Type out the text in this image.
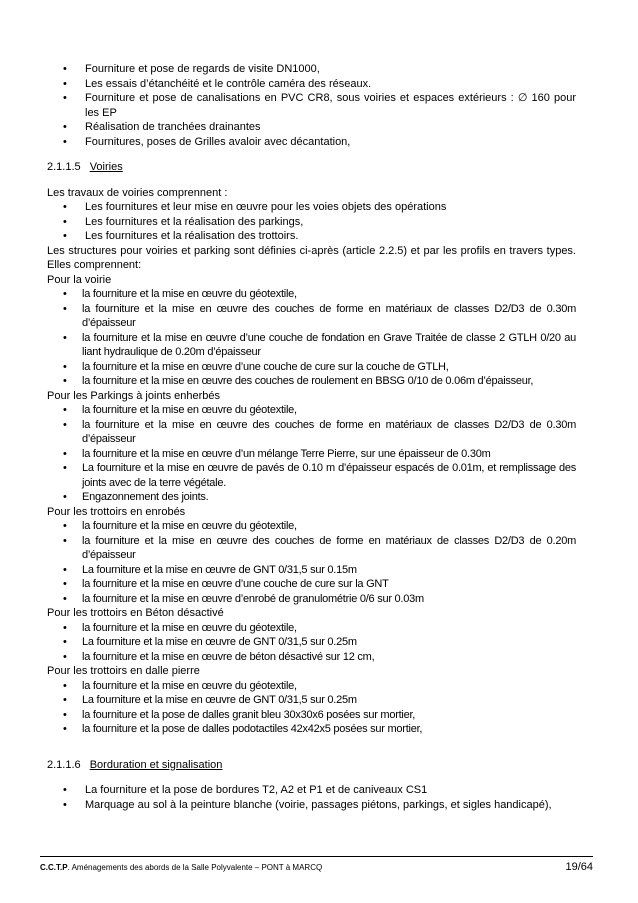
• Fourniture et pose de regards de visite DN1000,
• Les essais d’étanchéité et le contrôle caméra des réseaux.
• Fourniture et pose de canalisations en PVC CR8, sous voiries et espaces extérieurs : ∅ 160 pour les EP
• Réalisation de tranchées drainantes
• Fournitures, poses de Grilles avaloir avec décantation,
2.1.1.5 Voiries
Les travaux de voiries comprennent :
• Les fournitures et leur mise en œuvre pour les voies objets des opérations
• Les fournitures et la réalisation des parkings,
• Les fournitures et la réalisation des trottoirs.
Les structures pour voiries et parking sont définies ci-après (article 2.2.5) et par les profils en travers types. Elles comprennent:
Pour la voirie
• la fourniture et la mise en œuvre du géotextile,
• la fourniture et la mise en œuvre des couches de forme en matériaux de classes D2/D3 de 0.30m d’épaisseur
• la fourniture et la mise en œuvre d’une couche de fondation en Grave Traitée de classe 2 GTLH 0/20 au liant hydraulique de 0.20m d’épaisseur
• la fourniture et la mise en œuvre d’une couche de cure sur la couche de GTLH,
• la fourniture et la mise en œuvre des couches de roulement en BBSG 0/10 de 0.06m d’épaisseur,
Pour les Parkings à joints enherbés
• la fourniture et la mise en œuvre du géotextile,
• la fourniture et la mise en œuvre des couches de forme en matériaux de classes D2/D3 de 0.30m d’épaisseur
• la fourniture et la mise en œuvre d’un mélange Terre Pierre, sur une épaisseur de 0.30m
• La fourniture et la mise en œuvre de pavés de 0.10 m d’épaisseur espacés de 0.01m, et remplissage des joints avec de la terre végétale.
• Engazonnement des joints.
Pour les trottoirs en enrobés
• la fourniture et la mise en œuvre du géotextile,
• la fourniture et la mise en œuvre des couches de forme en matériaux de classes D2/D3 de 0.20m d’épaisseur
• La fourniture et la mise en œuvre de GNT 0/31,5 sur 0.15m
• la fourniture et la mise en œuvre d’une couche de cure sur la GNT
• la fourniture et la mise en œuvre d’enrobé de granulométrie 0/6 sur 0.03m
Pour les trottoirs en Béton désactivé
• la fourniture et la mise en œuvre du géotextile,
• La fourniture et la mise en œuvre de GNT 0/31,5 sur 0.25m
• la fourniture et la mise en œuvre de béton désactivé sur 12 cm,
Pour les trottoirs en dalle pierre
• la fourniture et la mise en œuvre du géotextile,
• La fourniture et la mise en œuvre de GNT 0/31,5 sur 0.25m
• la fourniture et la pose de dalles granit bleu 30x30x6 posées sur mortier,
• la fourniture et la pose de dalles podotactiles 42x42x5 posées sur mortier,
2.1.1.6 Borduration et signalisation
• La fourniture et la pose de bordures T2, A2 et P1 et de caniveaux CS1
• Marquage au sol à la peinture blanche (voirie, passages piétons, parkings, et sigles handicapé),
C.C.T.P. Aménagements des abords de la Salle Polyvalente – PONT à MARCQ	19/64
